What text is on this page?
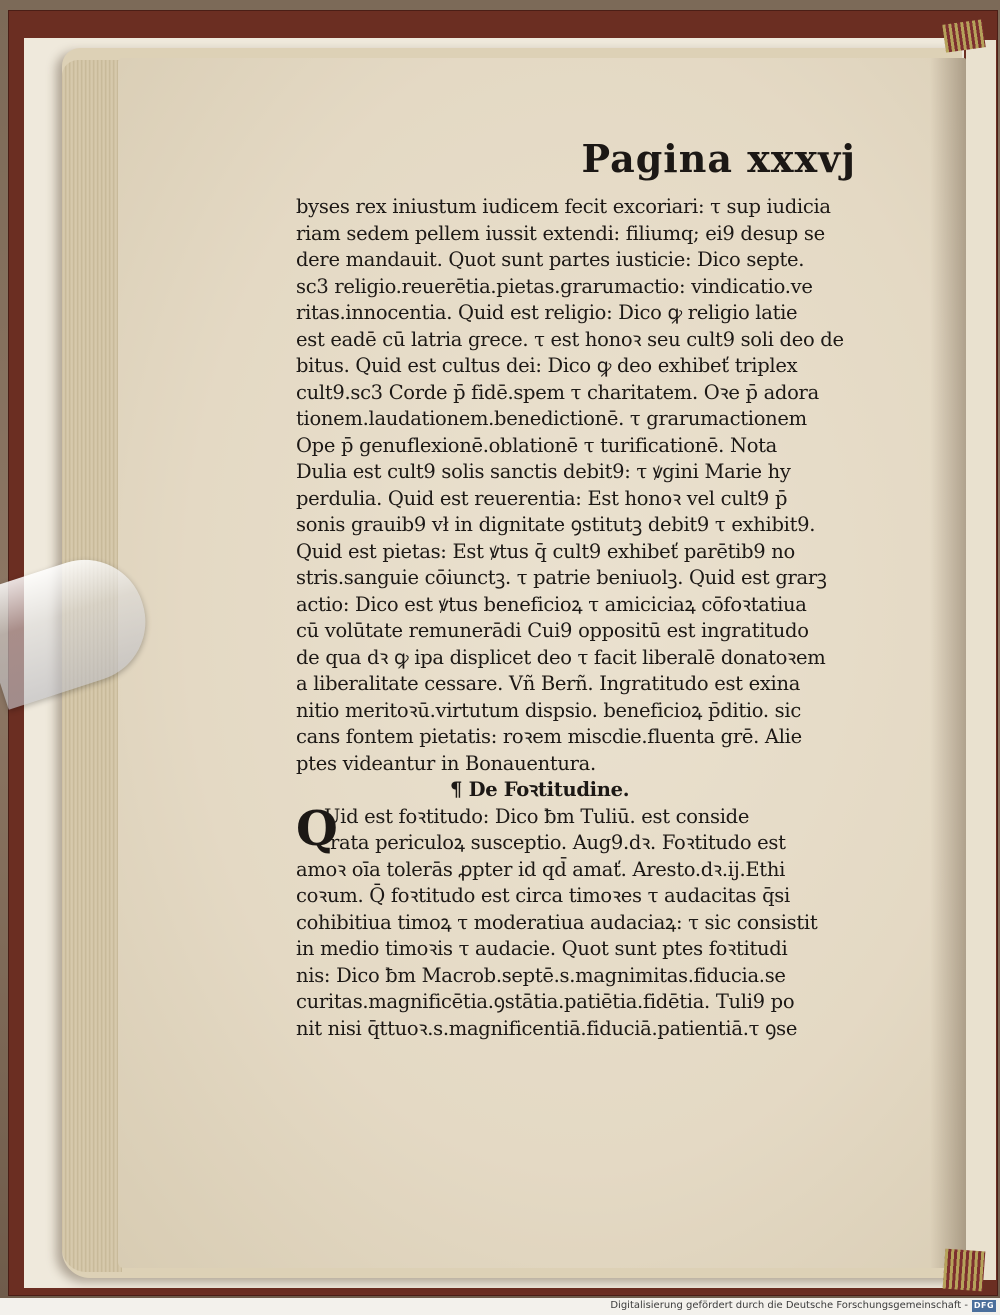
Pagina xxxvj
byses rex iniustum iudicem fecit excoriari: τ sup iudicia
riam sedem pellem iussit extendi: filiumq; ei9 desup se
dere mandauit. Quot sunt partes iusticie: Dico septe.
sc3 religio.reuerētia.pietas.grarumactio: vindicatio.ve
ritas.innocentia. Quid est religio: Dico ꝙ religio latie
est eadē cū latria grece. τ est honoꝛ seu cult9 soli deo de
bitus. Quid est cultus dei: Dico ꝙ deo exhibeť triplex
cult9.sc3 Corde p̄ fidē.spem τ charitatem. Oꝛe p̄ adora
tionem.laudationem.benedictionē. τ grarumactionem
Ope p̄ genuflexionē.oblationē τ turificationē. Nota
Dulia est cult9 solis sanctis debit9: τ ꝟgini Marie hy
perdulia. Quid est reuerentia: Est honoꝛ vel cult9 p̄
sonis grauib9 vł in dignitate ꝯstitutꝫ debit9 τ exhibit9.
Quid est pietas: Est ꝟtus q̄ cult9 exhibeť parētib9 no
stris.sanguie cōiunctꝫ. τ patrie beniuolꝫ. Quid est grarꝫ
actio: Dico est ꝟtus beneficioꝝ τ amiciciaꝝ cōfoꝛtatiua
cū volūtate remunerādi Cui9 oppositū est ingratitudo
de qua dꝛ ꝙ ipa displicet deo τ facit liberalē donatoꝛem
a liberalitate cessare. Vñ Berñ. Ingratitudo est exina
nitio meritoꝛū.virtutum dispsio. beneficioꝝ p̄ditio. sic
cans fontem pietatis: roꝛem miscdie.fluenta grē. Alie
ptes videantur in Bonauentura.
¶ De Foꝛtitudine.
Q
Uid est foꝛtitudo: Dico ƀm Tuliū. est conside
rata periculoꝝ susceptio. Aug9.dꝛ. Foꝛtitudo est
amoꝛ oīa tolerās ꝓpter id qd̄ amať. Aresto.dꝛ.ij.Ethi
coꝛum. Q̄ foꝛtitudo est circa timoꝛes τ audacitas q̄si
cohibitiua timoꝝ τ moderatiua audaciaꝝ: τ sic consistit
in medio timoꝛis τ audacie. Quot sunt ptes foꝛtitudi
nis: Dico ƀm Macrob.septē.s.magnimitas.fiducia.se
curitas.magnificētia.ꝯstātia.patiētia.fidētia. Tuli9 po
nit nisi q̄ttuoꝛ.s.magnificentiā.fiduciā.patientiā.τ ꝯse
Digitalisierung gefördert durch die Deutsche Forschungsgemeinschaft - DFG
